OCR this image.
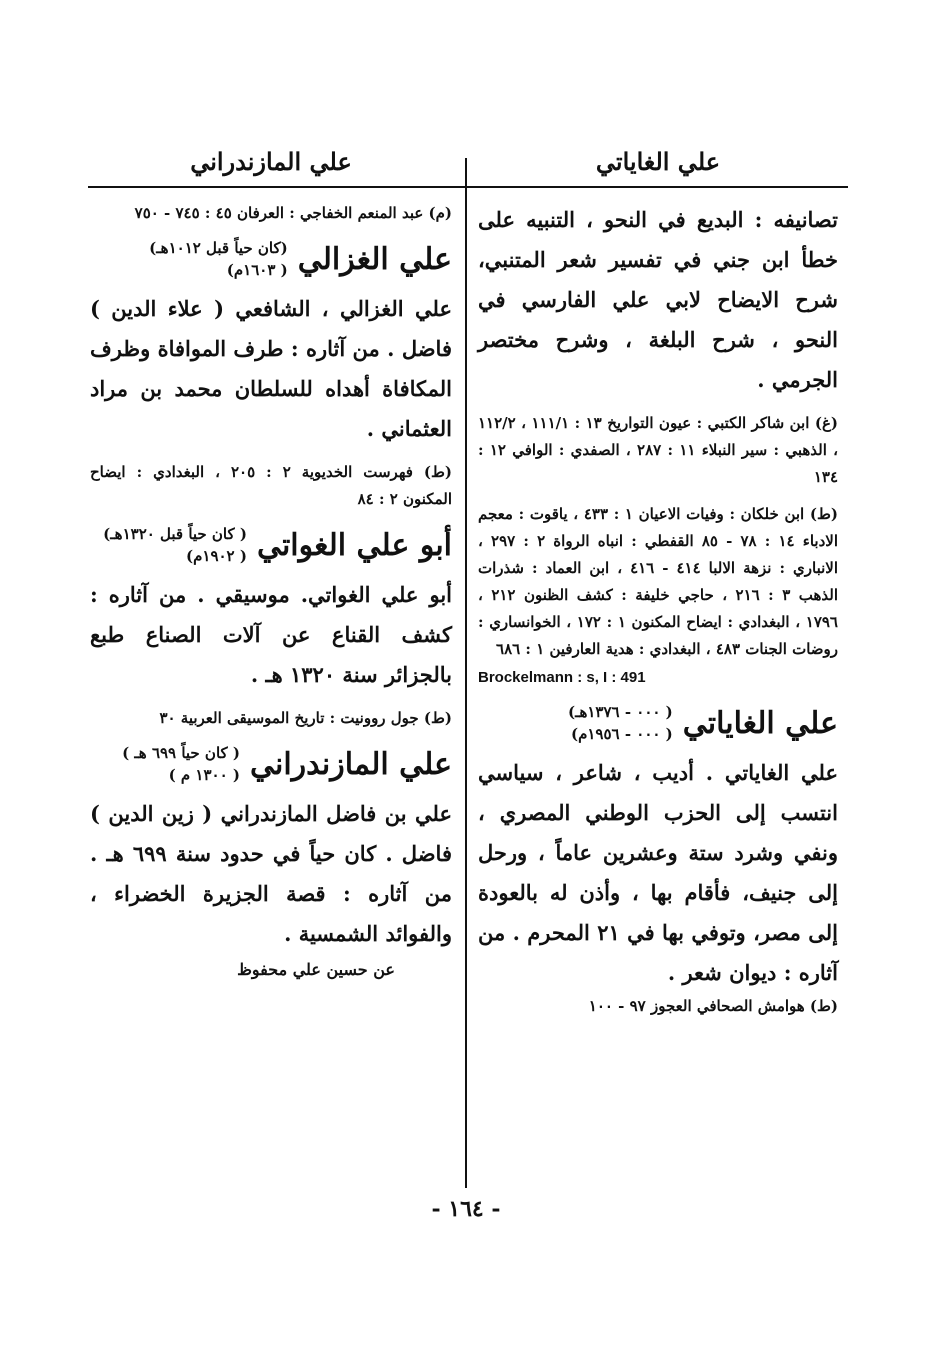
علي الغاياتي

تصانيفه : البديع في النحو ، التنبيه على خطأ ابن جني في تفسير شعر المتنبي، شرح الايضاح لابي علي الفارسي في النحو ، شرح البلغة ، وشرح مختصر الجرمي .

(غ) ابن شاكر الكتبي : عيون التواريخ ١٣ : ١١١/١ ، ١١٢/٢ ، الذهبي : سير النبلاء ١١ : ٢٨٧ ، الصفدي : الوافي ١٢ : ١٣٤

(ط) ابن خلكان : وفيات الاعيان ١ : ٤٣٣ ، ياقوت : معجم الادباء ١٤ : ٧٨ - ٨٥ القفطي : انباه الرواة ٢ : ٢٩٧ ، الانباري : نزهة الالبا ٤١٤ - ٤١٦ ، ابن العماد : شذرات الذهب ٣ : ٢١٦ ، حاجي خليفة : كشف الظنون ٢١٢ ، ١٧٩٦ ، البغدادي : ايضاح المكنون ١ : ١٧٢ ، الخوانساري : روضات الجنات ٤٨٣ ، البغدادي : هدية العارفين ١ : ٦٨٦

Brockelmann : s, I : 491

علي الغاياتي
( ٠٠٠ - ١٣٧٦هـ)
( ٠٠٠ - ١٩٥٦م)

علي الغاياتي . أديب ، شاعر ، سياسي انتسب إلى الحزب الوطني المصري ، ونفي وشرد ستة وعشرين عاماً ، ورحل إلى جنيف، فأقام بها ، وأذن له بالعودة إلى مصر، وتوفي بها في ٢١ المحرم . من آثاره : ديوان شعر .

(ط) هوامش الصحافي العجوز ٩٧ - ١٠٠

علي المازندراني

(م) عبد المنعم الخفاجي : العرفان ٤٥ : ٧٤٥ - ٧٥٠

علي الغزالي
(كان حياً قبل ١٠١٢هـ)
( ١٦٠٣م)

علي الغزالي ، الشافعي ( علاء الدين ) فاضل . من آثاره : طرف الموافاة وظرف المكافاة أهداه للسلطان محمد بن مراد العثماني .

(ط) فهرست الخديوية ٢ : ٢٠٥ ، البغدادي : ايضاح المكنون ٢ : ٨٤

أبو علي الغواتي
( كان حياً قبل ١٣٢٠هـ)
( ١٩٠٢م)

أبو علي الغواتي. موسيقي . من آثاره : كشف القناع عن آلات الصناع طبع بالجزائر سنة ١٣٢٠ هـ .

(ط) جول روونيت : تاريخ الموسيقى العربية ٣٠

علي المازندراني
( كان حياً ٦٩٩ هـ )
( ١٣٠٠ م )

علي بن فاضل المازندراني ( زين الدين ) فاضل . كان حياً في حدود سنة ٦٩٩ هـ . من آثاره : قصة الجزيرة الخضراء ، والفوائد الشمسية .

عن حسين علي محفوظ

- ١٦٤ -
